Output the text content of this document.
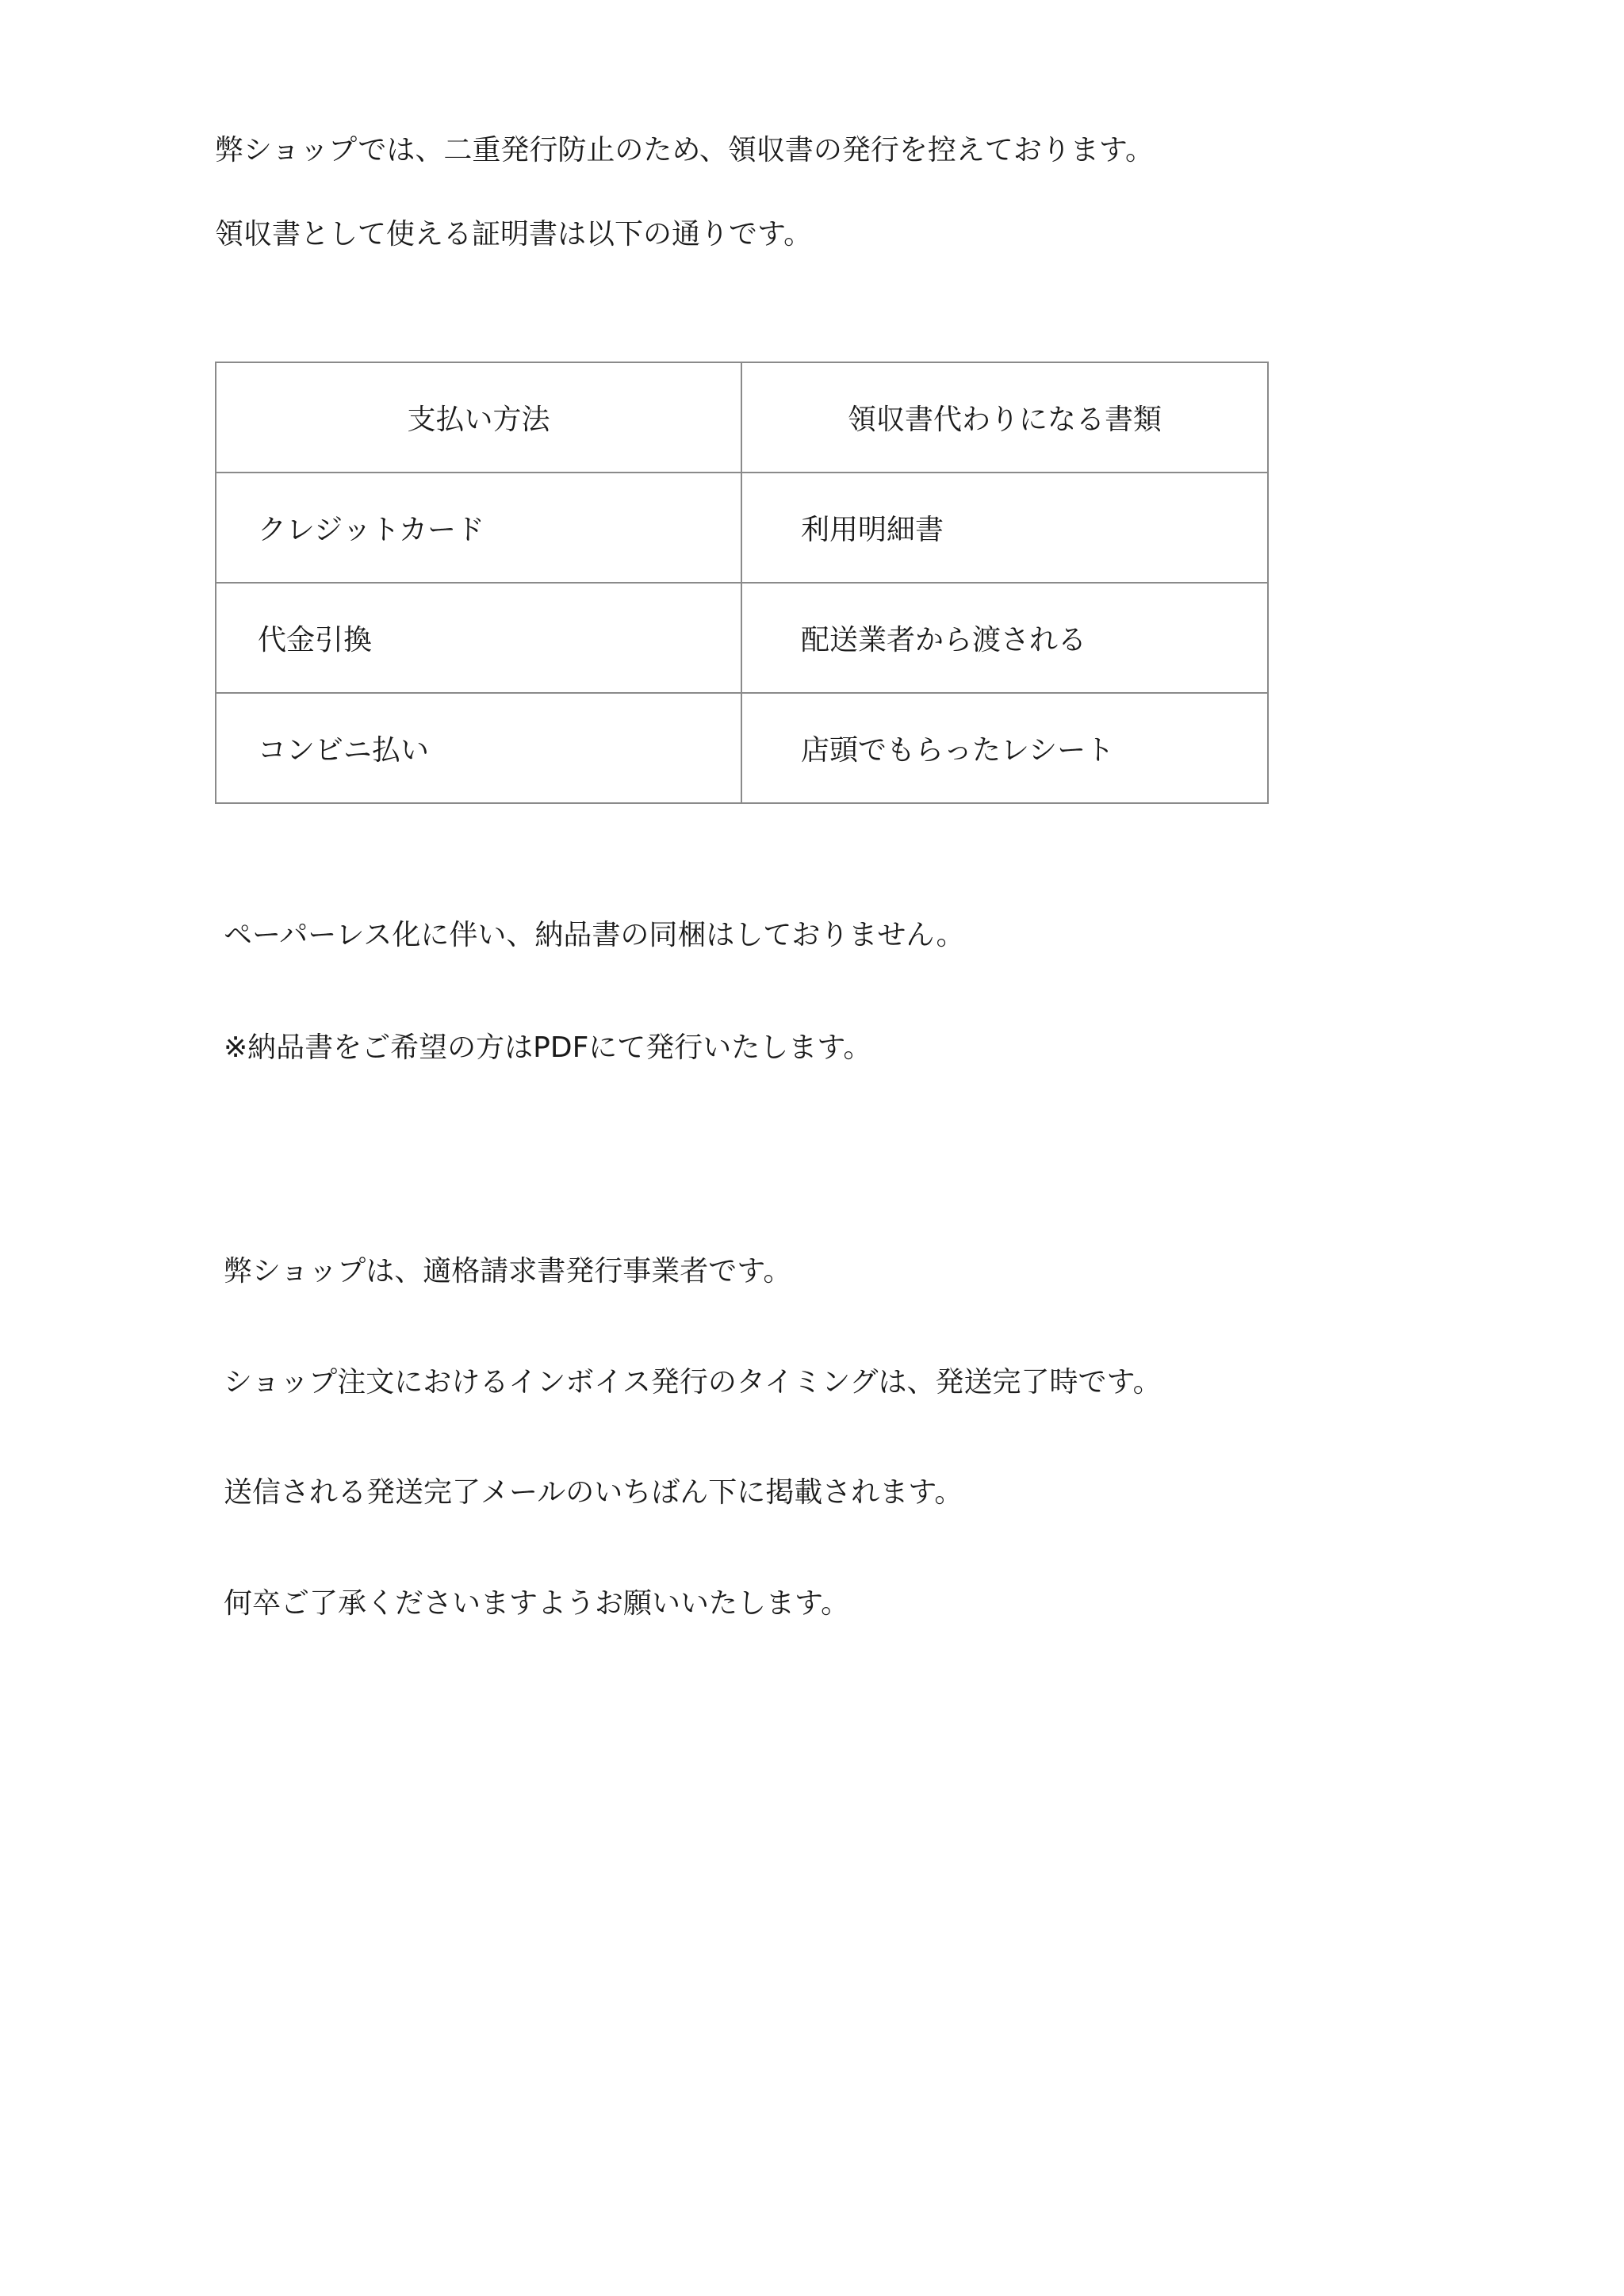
弊ショップでは、二重発行防止のため、領収書の発行を控えております。

領収書として使える証明書は以下の通りです。

支払い方法	領収書代わりになる書類
クレジットカード	利用明細書
代金引換	配送業者から渡される
コンビニ払い	店頭でもらったレシート

ペーパーレス化に伴い、納品書の同梱はしておりません。

※納品書をご希望の方はPDFにて発行いたします。

弊ショップは、適格請求書発行事業者です。

ショップ注文におけるインボイス発行のタイミングは、発送完了時です。

送信される発送完了メールのいちばん下に掲載されます。

何卒ご了承くださいますようお願いいたします。
